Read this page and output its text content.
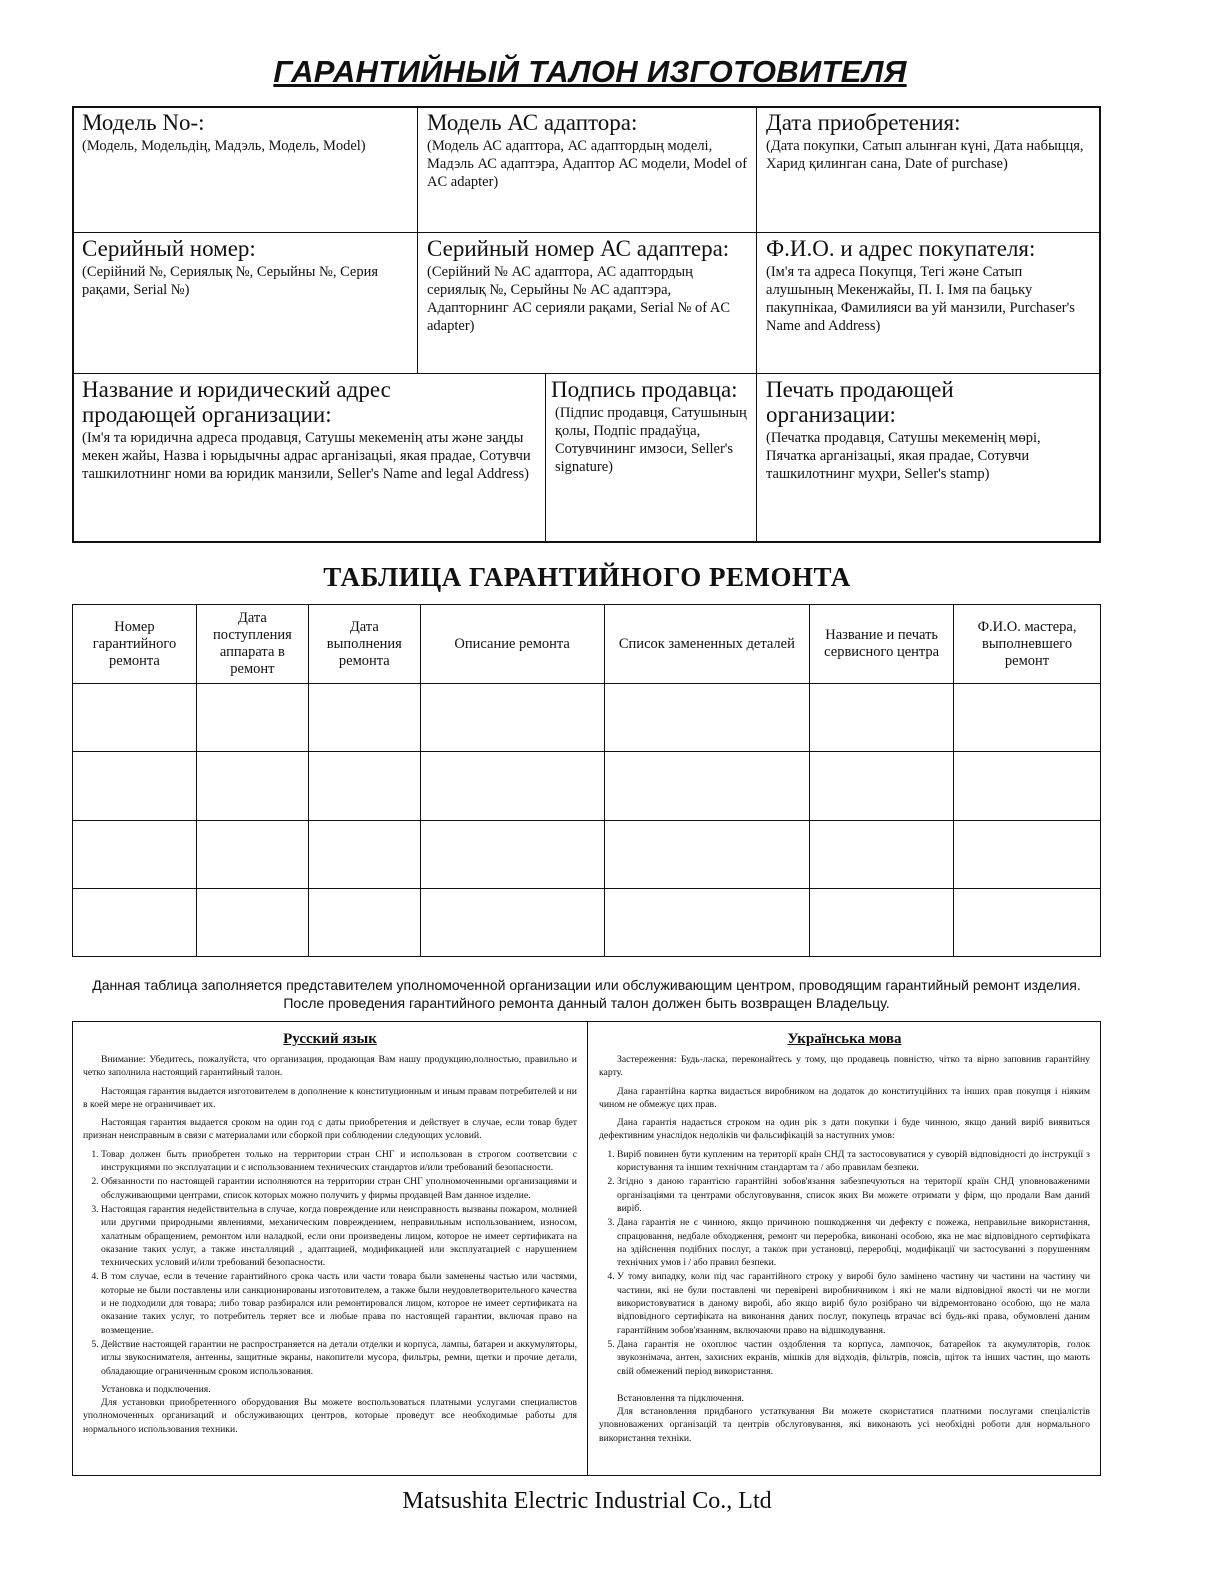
ГАРАНТИЙНЫЙ ТАЛОН ИЗГОТОВИТЕЛЯ
Модель No-:
(Модель, Модельдің, Мадэль, Модель, Model)
Модель АС адаптора:
(Модель АС адаптора, АС адаптордың моделі, Мадэль АС адаптэра, Адаптор АС модели, Model of AC adapter)
Дата приобретения:
(Дата покупки, Сатып алынған күні, Дата набыцця, Харид қилинган сана, Date of purchase)
Серийный номер:
(Серійний №, Сериялық №, Серыйны №, Серия рақами, Serial №)
Серийный номер АС адаптера:
(Серійний № АС адаптора, АС адаптордың сериялық №, Серыйны № АС адаптэра, Адапторнинг АС серияли рақами, Serial № of AC adapter)
Ф.И.О. и адрес покупателя:
(Ім'я та адреса Покупця, Тегі және Сатып алушының Мекенжайы, П. І. Імя па бацьку пакупнікаа, Фамилияси ва уй манзили, Purchaser's Name and Address)
Название и юридический адрес продающей организации:
(Ім'я та юридична адреса продавця, Сатушы мекеменің аты және заңды мекен жайы, Назва і юрыдычны адрас арганізацыі, якая прадае, Сотувчи ташкилотнинг номи ва юридик манзили, Seller's Name and legal Address)
Подпись продавца:
(Підпис продавця, Сатушының қолы, Подпіс прадаўца, Сотувчининг имзоси, Seller's signature)
Печать продающей организации:
(Печатка продавця, Сатушы мекеменің мөрі, Пячатка арганізацыі, якая прадае, Сотувчи ташкилотнинг муҳри, Seller's stamp)
ТАБЛИЦА ГАРАНТИЙНОГО РЕМОНТА
Номер гарантийного ремонта	Дата поступления аппарата в ремонт	Дата выполнения ремонта	Описание ремонта	Список замененных деталей	Название и печать сервисного центра	Ф.И.О. мастера, выполневшего ремонт

Данная таблица заполняется представителем уполномоченной организации или обслуживающим центром, проводящим гарантийный ремонт изделия.
После проведения гарантийного ремонта данный талон должен быть возвращен Владельцу.
Русский язык

Внимание: Убедитесь, пожалуйста, что организация, продающая Вам нашу продукцию,полностью, правильно и четко заполнила настоящий гарантийный талон.

Настоящая гарантия выдается изготовителем в дополнение к конституционным и иным правам потребителей и ни в коей мере не ограничивает их.

Настоящая гарантия выдается сроком на один год с даты приобретения и действует в случае, если товар будет признан неисправным в связи с материалами или сборкой при соблюдении следующих условий.

1. Товар должен быть приобретен только на территории стран СНГ и использован в строгом соответсвии с инструкциями по эксплуатации и с использованием технических стандартов и/или требований безопасности.
2. Обязанности по настоящей гарантии исполняются на территории стран СНГ уполномоченными организациями и обслуживающими центрами, список которых можно получить у фирмы продавцей Вам данное изделие.
3. Настоящая гарантия недействительна в случае, когда повреждение или неисправность вызваны пожаром, молнией или другими природными явлениями, механическим повреждением, неправильным использованием, износом, халатным обращением, ремонтом или наладкой, если они произведены лицом, которое не имеет сертификата на оказание таких услуг, а также инсталляций , адаптацией, модификацией или эксплуатацией с нарушением технических условий и/или требований безопасности.
4. В том случае, если в течение гарантийного срока часть или части товара были заменены частью или частями, которые не были поставлены или санкционированы изготовителем, а также были неудовлетворительного качества и не подходили для товара; либо товар разбирался или ремонтировался лицом, которое не имеет сертификата на оказание таких услуг, то потребитель теряет все и любые права по настоящей гарантии, включая право на возмещение.
5. Действие настоящей гарантии не распространяется на детали отделки и корпуса, лампы, батареи и аккумуляторы, иглы звукоснимателя, антенны, защитные экраны, накопители мусора, фильтры, ремни, щетки и прочие детали, обладающие ограниченным сроком использования.

Установка и подключения.

Для установки приобретенного оборудования Вы можете воспользоваться платными услугами специалистов уполномоченных организаций и обслуживающих центров, которые проведут все необходимые работы для нормального использования техники.

Українська мова

Застереження: Будь-ласка, переконайтесь у тому, що продавець повністю, чітко та вірно заповнив гарантійну карту.

Дана гарантійна картка видається виробником на додаток до конституційних та інших прав покупця і ніяким чином не обмежує цих прав.

Дана гарантія надається строком на один рік з дати покупки і буде чинною, якщо даний виріб виявиться дефективним унаслідок недоліків чи фальсифікацій за наступних умов:

1. Виріб повинен бути купленим на території країн СНД та застосовуватися у суворій відповідності до інструкції з користування та іншим технічним стандартам та / або правилам безпеки.
2. Згідно з даною гарантією гарантійні зобов'язання забезпечуються на території країн СНД уповноваженими організаціями та центрами обслуговування, список яких Ви можете отримати у фірм, що продали Вам даний виріб.
3. Дана гарантія не є чинною, якщо причиною пошкодження чи дефекту є пожежа, неправильне використання, спрацювання, недбале обходження, ремонт чи переробка, виконані особою, яка не має відповідного сертифіката на здійснення подібних послуг, а також при установці, переробці, модифікації чи застосуванні з порушенням технічних умов і / або правил безпеки.
4. У тому випадку, коли під час гарантійного строку у виробі було замінено частину чи частини на частину чи частини, які не були поставлені чи перевірені виробничником і які не мали відповідної якості чи не могли використовуватися в даному виробі, або якщо виріб було розібрано чи відремонтовано особою, що не мала відповідного сертифіката на виконання даних послуг, покупець втрачає всі будь-які права, обумовлені даним гарантійним зобов'язанням, включаючи право на відшкодування.
5. Дана гарантія не охоплює частин оздоблення та корпуса, лампочок, батарейок та акумуляторів, голок звукознімача, антен, захисних екранів, мішків для відходів, фільтрів, поясів, щіток та інших частин, що мають свій обмежений період використання.

Встановлення та підключення.

Для встановлення придбаного устаткування Ви можете скористатися платними послугами спеціалістів уповноважених організацій та центрів обслуговування, які виконають усі необхідні роботи для нормального використання техніки.

Matsushita Electric Industrial Co., Ltd
